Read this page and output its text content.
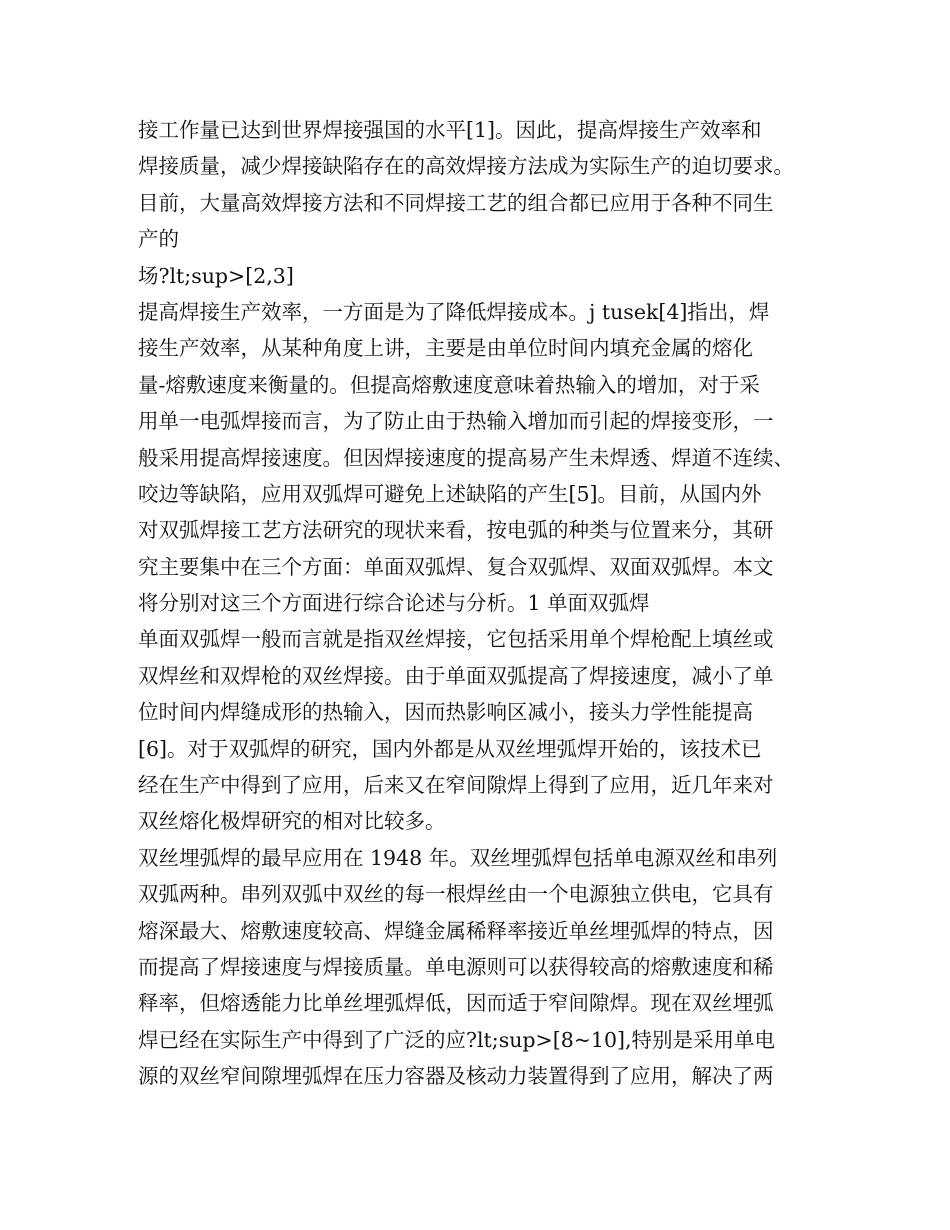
接工作量已达到世界焊接强国的水平[1]。因此，提高焊接生产效率和
焊接质量，减少焊接缺陷存在的高效焊接方法成为实际生产的迫切要求。
目前，大量高效焊接方法和不同焊接工艺的组合都已应用于各种不同生
产的
场?lt;sup>[2,3]
提高焊接生产效率，一方面是为了降低焊接成本。j tusek[4]指出，焊
接生产效率，从某种角度上讲，主要是由单位时间内填充金属的熔化
量-熔敷速度来衡量的。但提高熔敷速度意味着热输入的增加，对于采
用单一电弧焊接而言，为了防止由于热输入增加而引起的焊接变形，一
般采用提高焊接速度。但因焊接速度的提高易产生未焊透、焊道不连续、
咬边等缺陷，应用双弧焊可避免上述缺陷的产生[5]。目前，从国内外
对双弧焊接工艺方法研究的现状来看，按电弧的种类与位置来分，其研
究主要集中在三个方面：单面双弧焊、复合双弧焊、双面双弧焊。本文
将分别对这三个方面进行综合论述与分析。1 单面双弧焊
单面双弧焊一般而言就是指双丝焊接，它包括采用单个焊枪配上填丝或
双焊丝和双焊枪的双丝焊接。由于单面双弧提高了焊接速度，减小了单
位时间内焊缝成形的热输入，因而热影响区减小，接头力学性能提高
[6]。对于双弧焊的研究，国内外都是从双丝埋弧焊开始的，该技术已
经在生产中得到了应用，后来又在窄间隙焊上得到了应用，近几年来对
双丝熔化极焊研究的相对比较多。
双丝埋弧焊的最早应用在 1948 年。双丝埋弧焊包括单电源双丝和串列
双弧两种。串列双弧中双丝的每一根焊丝由一个电源独立供电，它具有
熔深最大、熔敷速度较高、焊缝金属稀释率接近单丝埋弧焊的特点，因
而提高了焊接速度与焊接质量。单电源则可以获得较高的熔敷速度和稀
释率，但熔透能力比单丝埋弧焊低，因而适于窄间隙焊。现在双丝埋弧
焊已经在实际生产中得到了广泛的应?lt;sup>[8~10],特别是采用单电
源的双丝窄间隙埋弧焊在压力容器及核动力装置得到了应用，解决了两
